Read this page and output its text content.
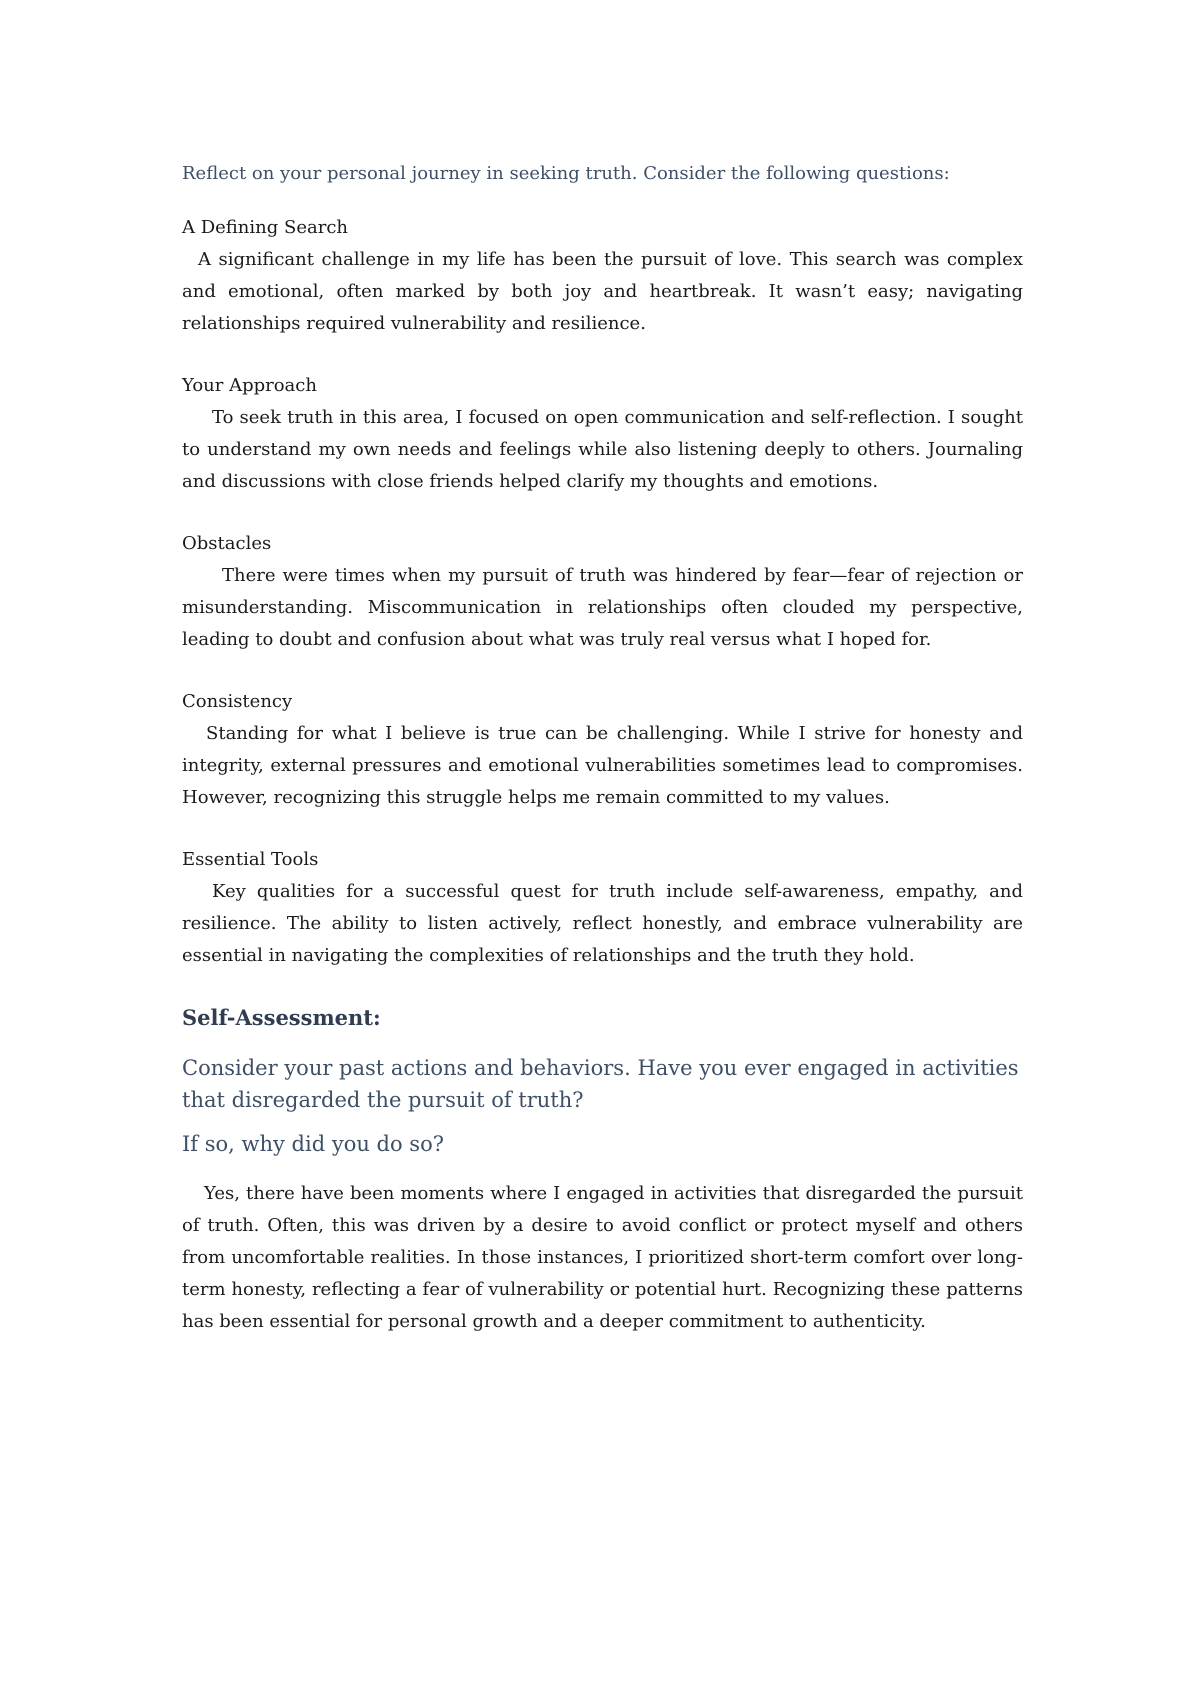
Reflect on your personal journey in seeking truth. Consider the following questions:

A Defining Search

A significant challenge in my life has been the pursuit of love. This search was complex and emotional, often marked by both joy and heartbreak. It wasn’t easy; navigating relationships required vulnerability and resilience.

Your Approach

To seek truth in this area, I focused on open communication and self-reflection. I sought to understand my own needs and feelings while also listening deeply to others. Journaling and discussions with close friends helped clarify my thoughts and emotions.

Obstacles

There were times when my pursuit of truth was hindered by fear—fear of rejection or misunderstanding. Miscommunication in relationships often clouded my perspective, leading to doubt and confusion about what was truly real versus what I hoped for.

Consistency

Standing for what I believe is true can be challenging. While I strive for honesty and integrity, external pressures and emotional vulnerabilities sometimes lead to compromises. However, recognizing this struggle helps me remain committed to my values.

Essential Tools

Key qualities for a successful quest for truth include self-awareness, empathy, and resilience. The ability to listen actively, reflect honestly, and embrace vulnerability are essential in navigating the complexities of relationships and the truth they hold.

Self-Assessment:

Consider your past actions and behaviors. Have you ever engaged in activities that disregarded the pursuit of truth?

If so, why did you do so?

Yes, there have been moments where I engaged in activities that disregarded the pursuit of truth. Often, this was driven by a desire to avoid conflict or protect myself and others from uncomfortable realities. In those instances, I prioritized short-term comfort over long-term honesty, reflecting a fear of vulnerability or potential hurt. Recognizing these patterns has been essential for personal growth and a deeper commitment to authenticity.
